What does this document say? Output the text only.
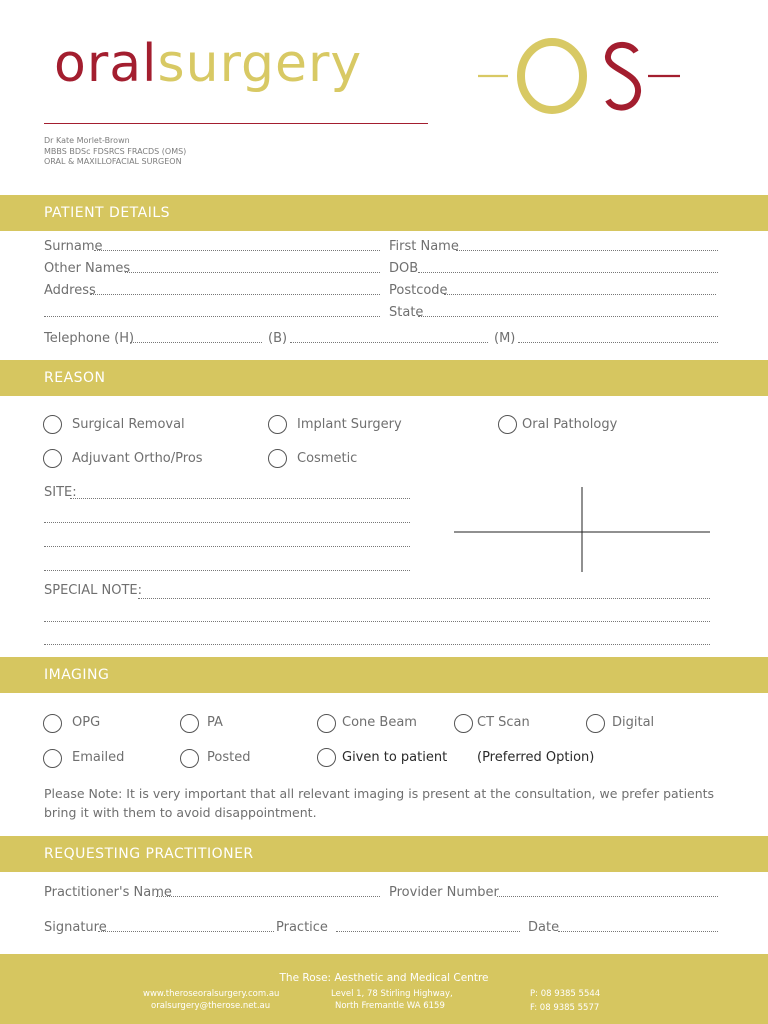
oralsurgery
Dr Kate Morlet-Brown
MBBS BDSc FDSRCS FRACDS (OMS)
ORAL & MAXILLOFACIAL SURGEON
PATIENT DETAILS
Surname	First Name
Other Names	DOB
Address	Postcode
State
Telephone (H)	(B)	(M)
REASON
Surgical Removal	Implant Surgery	Oral Pathology
Adjuvant Ortho/Pros	Cosmetic
SITE:
SPECIAL NOTE:
IMAGING
OPG	PA	Cone Beam	CT Scan	Digital
Emailed	Posted	Given to patient (Preferred Option)
Please Note: It is very important that all relevant imaging is present at the consultation, we prefer patients bring it with them to avoid disappointment.
REQUESTING PRACTITIONER
Practitioner's Name	Provider Number
Signature	Practice	Date
The Rose: Aesthetic and Medical Centre
www.theroseoralsurgery.com.au
oralsurgery@therose.net.au
Level 1, 78 Stirling Highway,
North Fremantle WA 6159
P: 08 9385 5544
F: 08 9385 5577
